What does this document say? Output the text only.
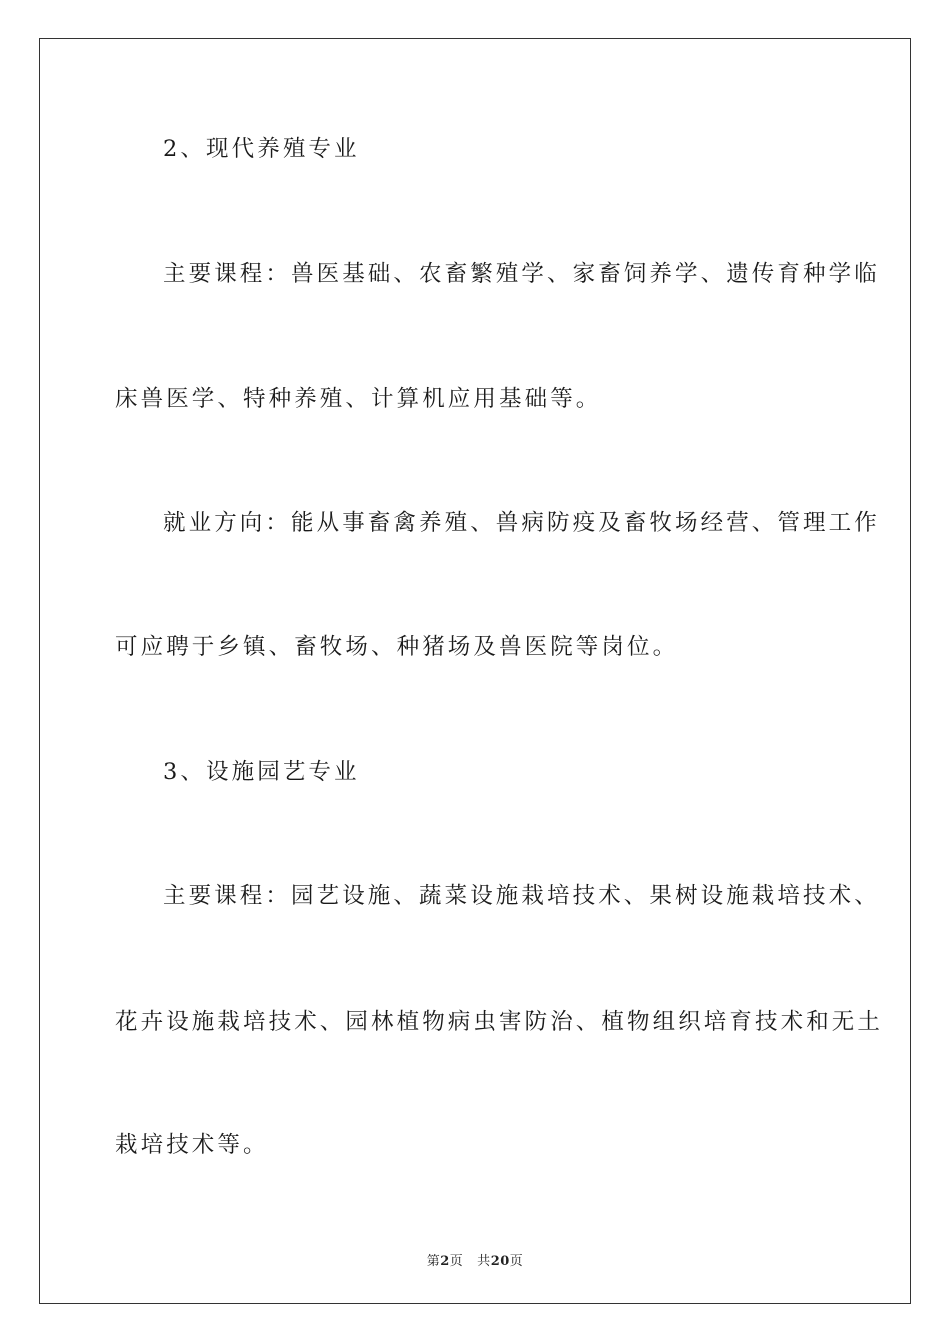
2、现代养殖专业
主要课程：兽医基础、农畜繁殖学、家畜饲养学、遗传育种学临
床兽医学、特种养殖、计算机应用基础等。
就业方向：能从事畜禽养殖、兽病防疫及畜牧场经营、管理工作
可应聘于乡镇、畜牧场、种猪场及兽医院等岗位。
3、设施园艺专业
主要课程：园艺设施、蔬菜设施栽培技术、果树设施栽培技术、
花卉设施栽培技术、园林植物病虫害防治、植物组织培育技术和无土
栽培技术等。
第2页 共20页
